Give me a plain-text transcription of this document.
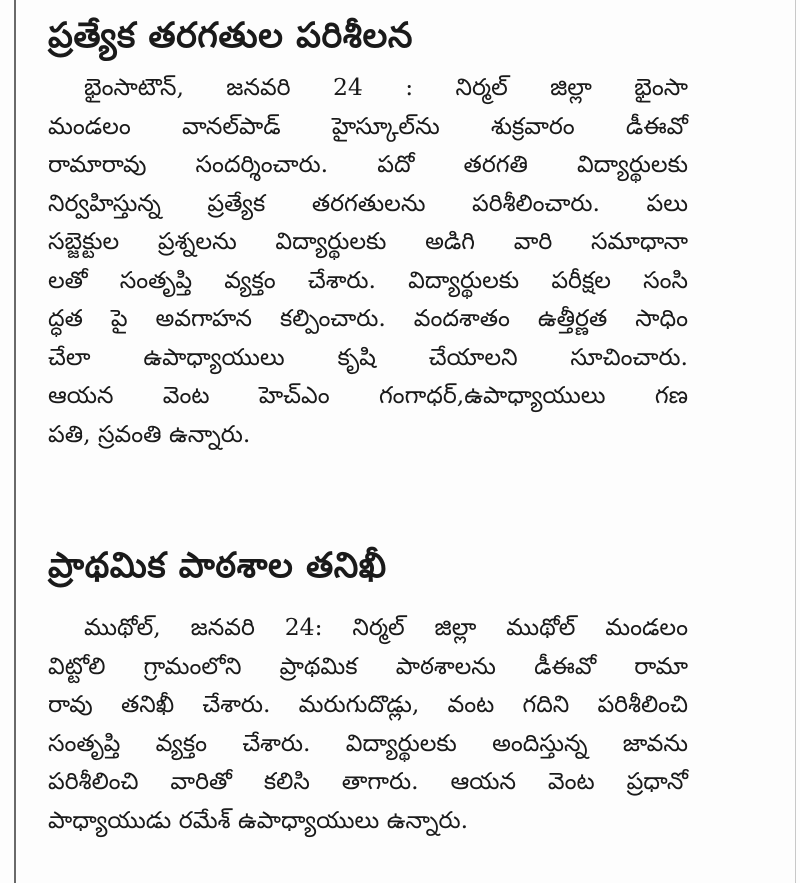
ప్రత్యేక తరగతుల పరిశీలన
భైంసాటౌన్, జనవరి 24 : నిర్మల్ జిల్లా భైంసా
మండలం వానల్‌పాడ్ హైస్కూల్‌ను శుక్రవారం డీఈవో
రామారావు సందర్శించారు. పదో తరగతి విద్యార్థులకు
నిర్వహిస్తున్న ప్రత్యేక తరగతులను పరిశీలించారు. పలు
సబ్జెక్టుల ప్రశ్నలను విద్యార్థులకు అడిగి వారి సమాధానా
లతో సంతృప్తి వ్యక్తం చేశారు. విద్యార్థులకు పరీక్షల సంసి
ద్ధత పై అవగాహన కల్పించారు. వందశాతం ఉత్తీర్ణత సాధిం
చేలా ఉపాధ్యాయులు కృషి చేయాలని సూచించారు.
ఆయన వెంట హెచ్‌ఎం గంగాధర్,ఉపాధ్యాయులు గణ
పతి, స్రవంతి ఉన్నారు.
ప్రాథమిక పాఠశాల తనిఖీ
ముథోల్, జనవరి 24: నిర్మల్ జిల్లా ముథోల్ మండలం
విట్టోలి గ్రామంలోని ప్రాథమిక పాఠశాలను డీఈవో రామా
రావు తనిఖీ చేశారు. మరుగుదొడ్లు, వంట గదిని పరిశీలించి
సంతృప్తి వ్యక్తం చేశారు. విద్యార్థులకు అందిస్తున్న జావను
పరిశీలించి వారితో కలిసి తాగారు. ఆయన వెంట ప్రధానో
పాధ్యాయుడు రమేశ్ ఉపాధ్యాయులు ఉన్నారు.
